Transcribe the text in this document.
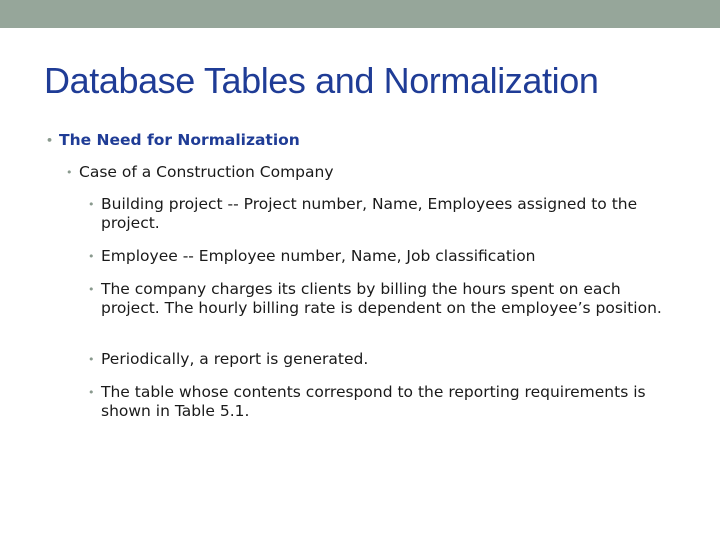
Database Tables and Normalization
• The Need for Normalization
• Case of a Construction Company
• Building project -- Project number, Name, Employees assigned to the project.
• Employee -- Employee number, Name, Job classification
• The company charges its clients by billing the hours spent on each project. The hourly billing rate is dependent on the employee’s position.
• Periodically, a report is generated.
• The table whose contents correspond to the reporting requirements is shown in Table 5.1.
